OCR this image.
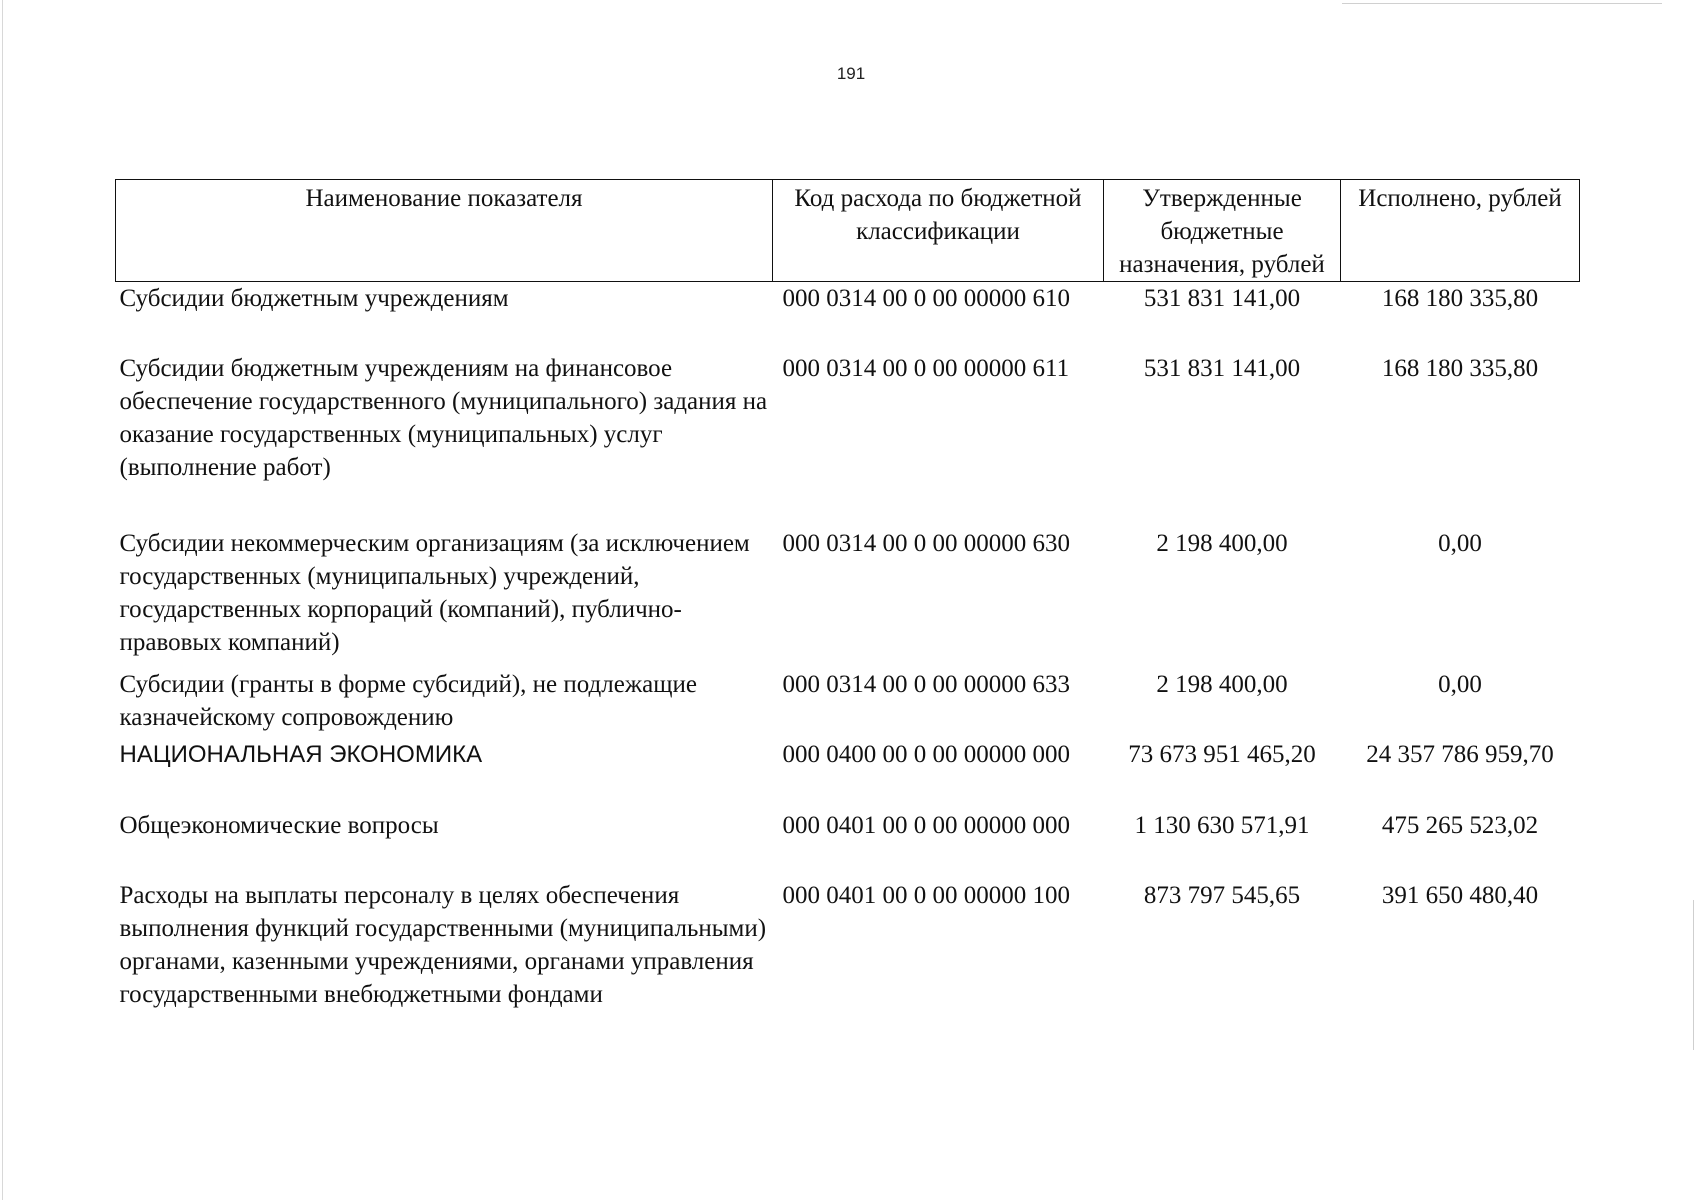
191
Наименование показателя	Код расхода по бюджетной классификации	Утвержденные бюджетные назначения, рублей	Исполнено, рублей
Субсидии бюджетным учреждениям	000 0314 00 0 00 00000 610	531 831 141,00	168 180 335,80
Субсидии бюджетным учреждениям на финансовое обеспечение государственного (муниципального) задания на оказание государственных (муниципальных) услуг (выполнение работ)	000 0314 00 0 00 00000 611	531 831 141,00	168 180 335,80
Субсидии некоммерческим организациям (за исключением государственных (муниципальных) учреждений, государственных корпораций (компаний), публично-правовых компаний)	000 0314 00 0 00 00000 630	2 198 400,00	0,00
Субсидии (гранты в форме субсидий), не подлежащие казначейскому сопровождению	000 0314 00 0 00 00000 633	2 198 400,00	0,00
НАЦИОНАЛЬНАЯ ЭКОНОМИКА	000 0400 00 0 00 00000 000	73 673 951 465,20	24 357 786 959,70
Общеэкономические вопросы	000 0401 00 0 00 00000 000	1 130 630 571,91	475 265 523,02
Расходы на выплаты персоналу в целях обеспечения выполнения функций государственными (муниципальными) органами, казенными учреждениями, органами управления государственными внебюджетными фондами	000 0401 00 0 00 00000 100	873 797 545,65	391 650 480,40
